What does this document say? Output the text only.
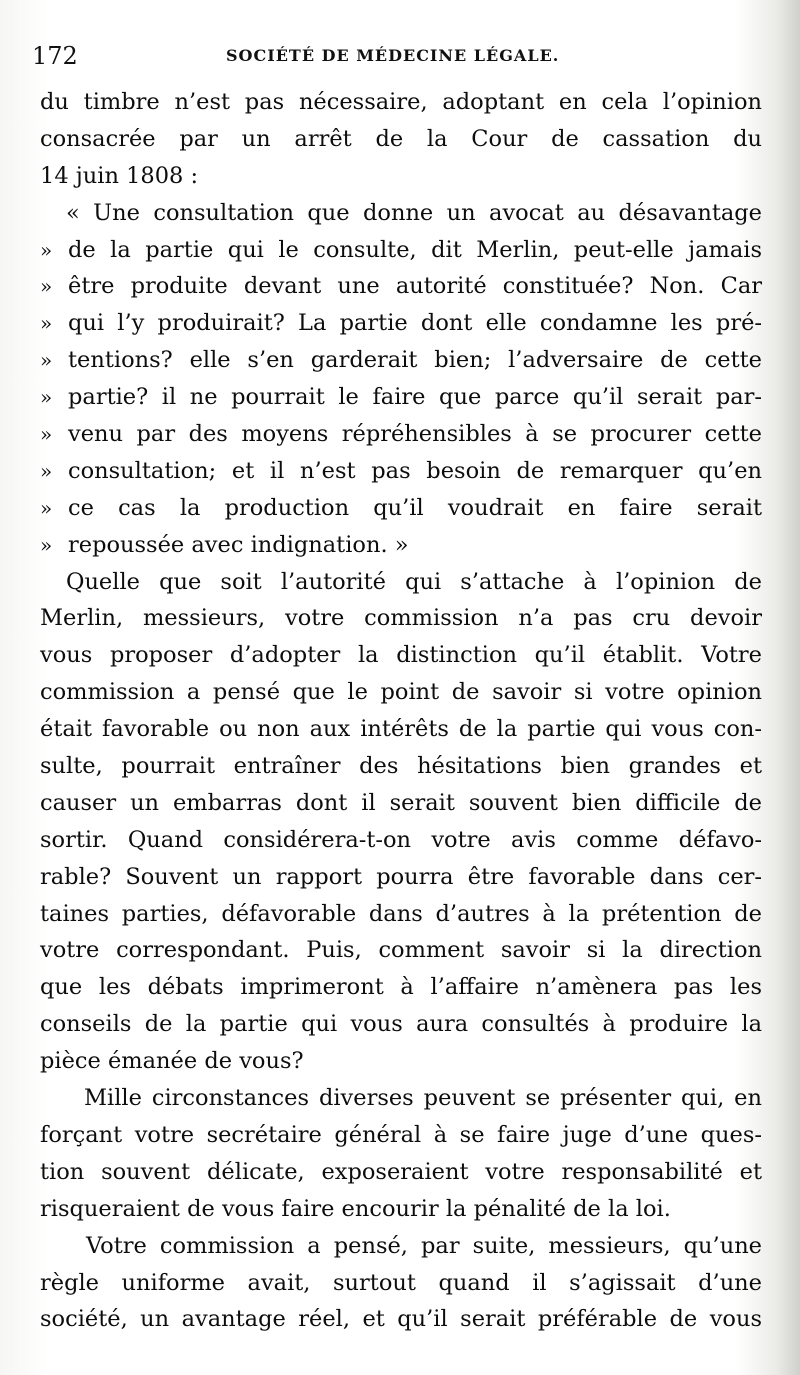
172	SOCIÉTÉ DE MÉDECINE LÉGALE.
du timbre n’est pas nécessaire, adoptant en cela l’opinion
consacrée par un arrêt de la Cour de cassation du
14 juin 1808 :
« Une consultation que donne un avocat au désavantage
» de la partie qui le consulte, dit Merlin, peut-elle jamais
» être produite devant une autorité constituée? Non. Car
» qui l’y produirait? La partie dont elle condamne les pré-
» tentions? elle s’en garderait bien; l’adversaire de cette
» partie? il ne pourrait le faire que parce qu’il serait par-
» venu par des moyens répréhensibles à se procurer cette
» consultation; et il n’est pas besoin de remarquer qu’en
» ce cas la production qu’il voudrait en faire serait
» repoussée avec indignation. »
Quelle que soit l’autorité qui s’attache à l’opinion de
Merlin, messieurs, votre commission n’a pas cru devoir
vous proposer d’adopter la distinction qu’il établit. Votre
commission a pensé que le point de savoir si votre opinion
était favorable ou non aux intérêts de la partie qui vous con-
sulte, pourrait entraîner des hésitations bien grandes et
causer un embarras dont il serait souvent bien difficile de
sortir. Quand considérera-t-on votre avis comme défavo-
rable? Souvent un rapport pourra être favorable dans cer-
taines parties, défavorable dans d’autres à la prétention de
votre correspondant. Puis, comment savoir si la direction
que les débats imprimeront à l’affaire n’amènera pas les
conseils de la partie qui vous aura consultés à produire la
pièce émanée de vous?
Mille circonstances diverses peuvent se présenter qui, en
forçant votre secrétaire général à se faire juge d’une ques-
tion souvent délicate, exposeraient votre responsabilité et
risqueraient de vous faire encourir la pénalité de la loi.
Votre commission a pensé, par suite, messieurs, qu’une
règle uniforme avait, surtout quand il s’agissait d’une
société, un avantage réel, et qu’il serait préférable de vous
